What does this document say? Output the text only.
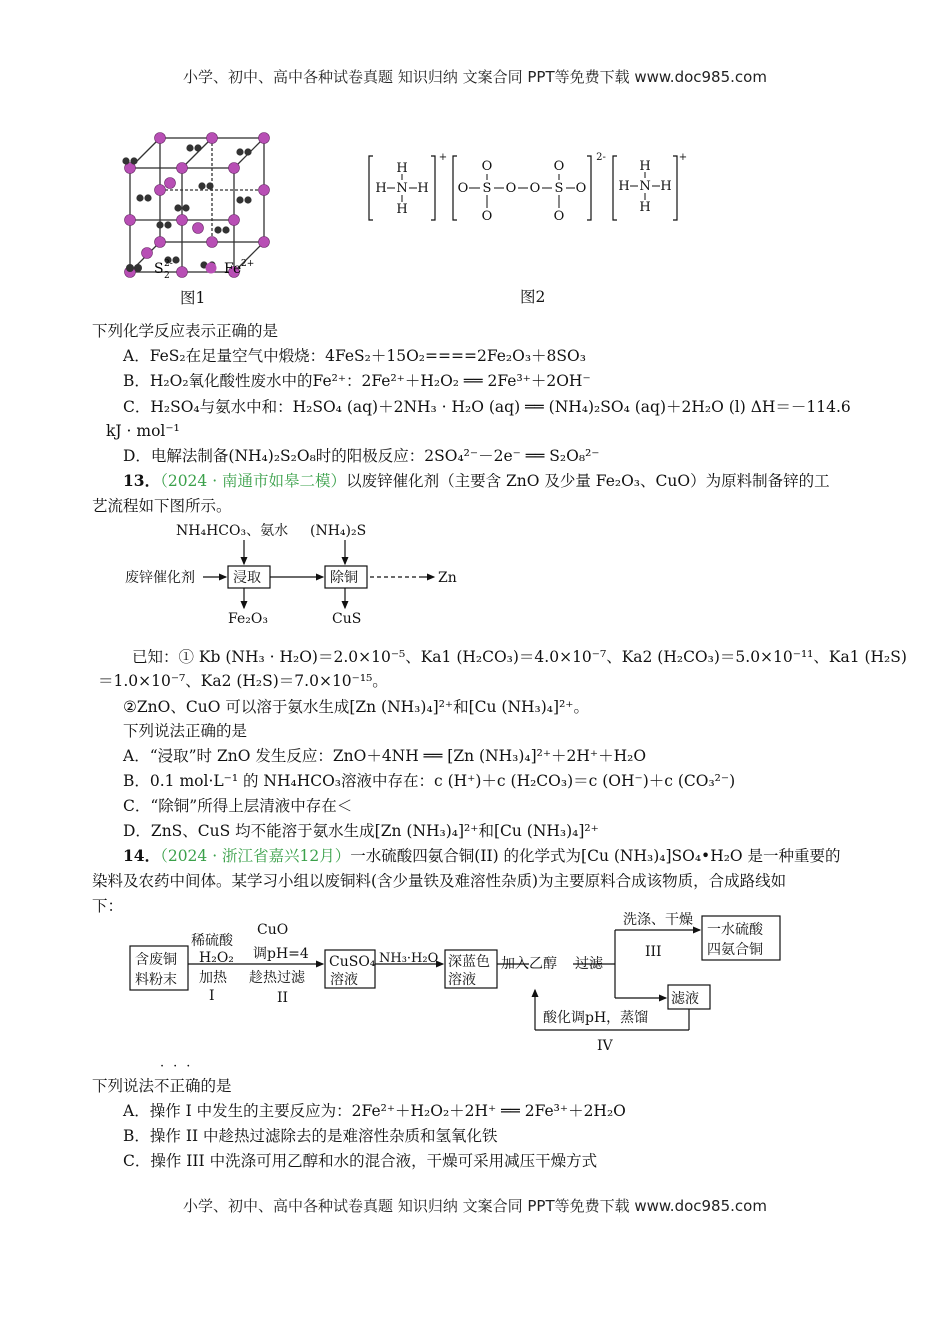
小学、初中、高中各种试卷真题 知识归纳 文案合同 PPT等免费下载 www.doc985.com
小学、初中、高中各种试卷真题 知识归纳 文案合同 PPT等免费下载 www.doc985.com
S 2
2-	Fe 2+
图1
H
H N H
H
+
O
O S O O S O
O
O
O
2-
H
H N H
H
+
图2
下列化学反应表示正确的是
A．FeS₂在足量空气中煅烧：4FeS₂＋15O₂====2Fe₂O₃＋8SO₃
B．H₂O₂氧化酸性废水中的Fe²⁺：2Fe²⁺＋H₂O₂ ══ 2Fe³⁺＋2OH⁻
C．H₂SO₄与氨水中和：H₂SO₄ (aq)＋2NH₃ · H₂O (aq) ══ (NH₄)₂SO₄ (aq)＋2H₂O (l) ΔH＝－114.6
kJ · mol⁻¹
D．电解法制备(NH₄)₂S₂O₈时的阳极反应：2SO₄²⁻－2e⁻ ══ S₂O₈²⁻
13．（2024 · 南通市如皋二模）以废锌催化剂（主要含 ZnO 及少量 Fe₂O₃、CuO）为原料制备锌的工
艺流程如下图所示。
NH₄HCO₃、氨水 (NH₄)₂S
废锌催化剂	浸取	除铜	Zn
Fe₂O₃	CuS
已知：① Kb (NH₃ · H₂O)＝2.0×10⁻⁵、Ka1 (H₂CO₃)＝4.0×10⁻⁷、Ka2 (H₂CO₃)＝5.0×10⁻¹¹、Ka1 (H₂S)
＝1.0×10⁻⁷、Ka2 (H₂S)＝7.0×10⁻¹⁵。
②ZnO、CuO 可以溶于氨水生成[Zn (NH₃)₄]²⁺和[Cu (NH₃)₄]²⁺。
下列说法正确的是
A．“浸取”时 ZnO 发生反应：ZnO＋4NH ══ [Zn (NH₃)₄]²⁺＋2H⁺＋H₂O
B．0.1 mol·L⁻¹ 的 NH₄HCO₃溶液中存在：c (H⁺)＋c (H₂CO₃)＝c (OH⁻)＋c (CO₃²⁻)
C．“除铜”所得上层清液中存在＜
D．ZnS、CuS 均不能溶于氨水生成[Zn (NH₃)₄]²⁺和[Cu (NH₃)₄]²⁺
14．（2024 · 浙江省嘉兴12月）一水硫酸四氨合铜(II) 的化学式为[Cu (NH₃)₄]SO₄•H₂O 是一种重要的
染料及农药中间体。某学习小组以废铜料(含少量铁及难溶性杂质)为主要原料合成该物质，合成路线如
下：
含废铜
料粉末
稀硫酸
H₂O₂
加热
I
CuO
调pH=4
趁热过滤
II
CuSO₄
溶液
NH₃·H₂O 深蓝色
溶液
加入乙醇 过滤
洗涤、干燥
III
一水硫酸
四氨合铜
滤液
酸化调pH，蒸馏
IV
···
下列说法不正确的是
A．操作 I 中发生的主要反应为：2Fe²⁺＋H₂O₂＋2H⁺ ══ 2Fe³⁺＋2H₂O
B．操作 II 中趁热过滤除去的是难溶性杂质和氢氧化铁
C．操作 III 中洗涤可用乙醇和水的混合液，干燥可采用减压干燥方式
